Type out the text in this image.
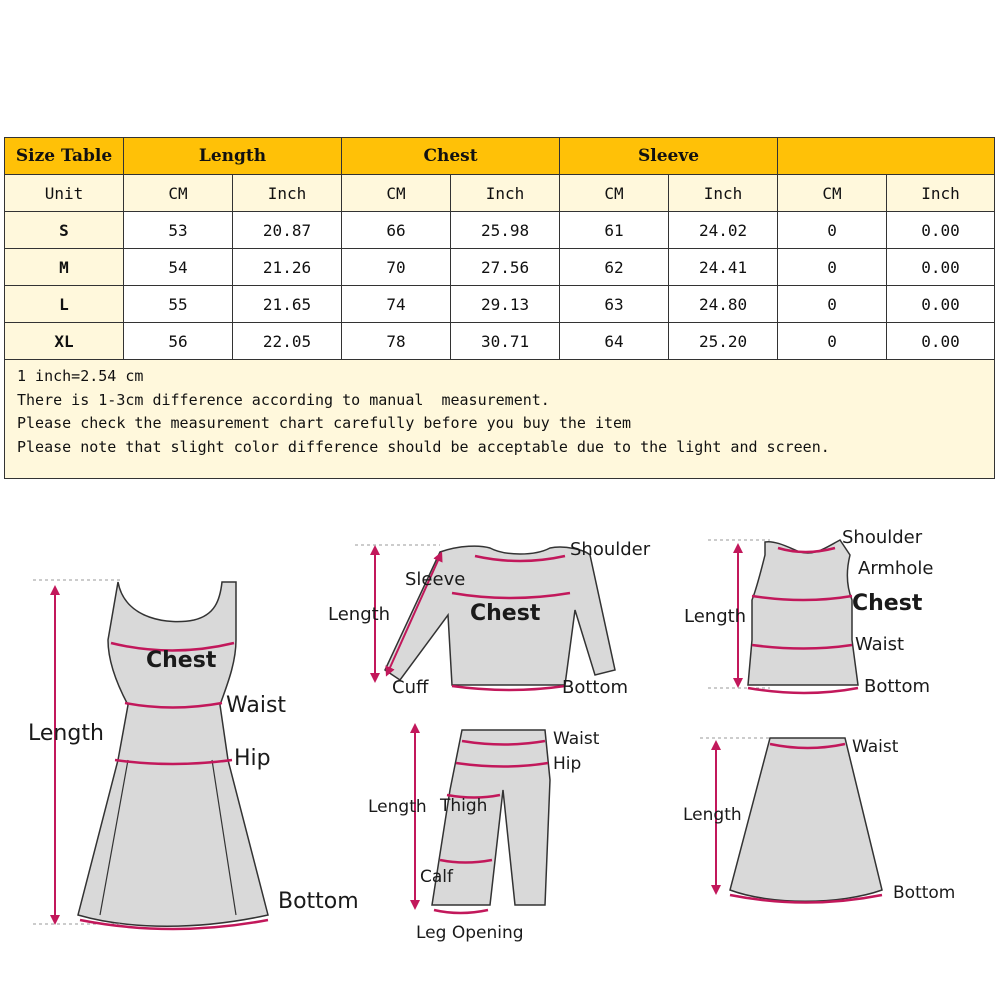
Size Table	Length		Chest		Sleeve			
Unit	CM	Inch	CM	Inch	CM	Inch	CM	Inch
S	53	20.87	66	25.98	61	24.02	0	0.00
M	54	21.26	70	27.56	62	24.41	0	0.00
L	55	21.65	74	29.13	63	24.80	0	0.00
XL	56	22.05	78	30.71	64	25.20	0	0.00

1 inch=2.54 cm
There is 1-3cm difference according to manual  measurement.
Please check the measurement chart carefully before you buy the item
Please note that slight color difference should be acceptable due to the light and screen.								
Length
Chest
Waist
Hip
Bottom
Shoulder
Sleeve
Length	Chest
Cuff	Bottom
Shoulder
Armhole
Length
Chest
Waist
Bottom
Waist
Hip
Length Thigh
Calf
Leg Opening
Waist
Length
Bottom
